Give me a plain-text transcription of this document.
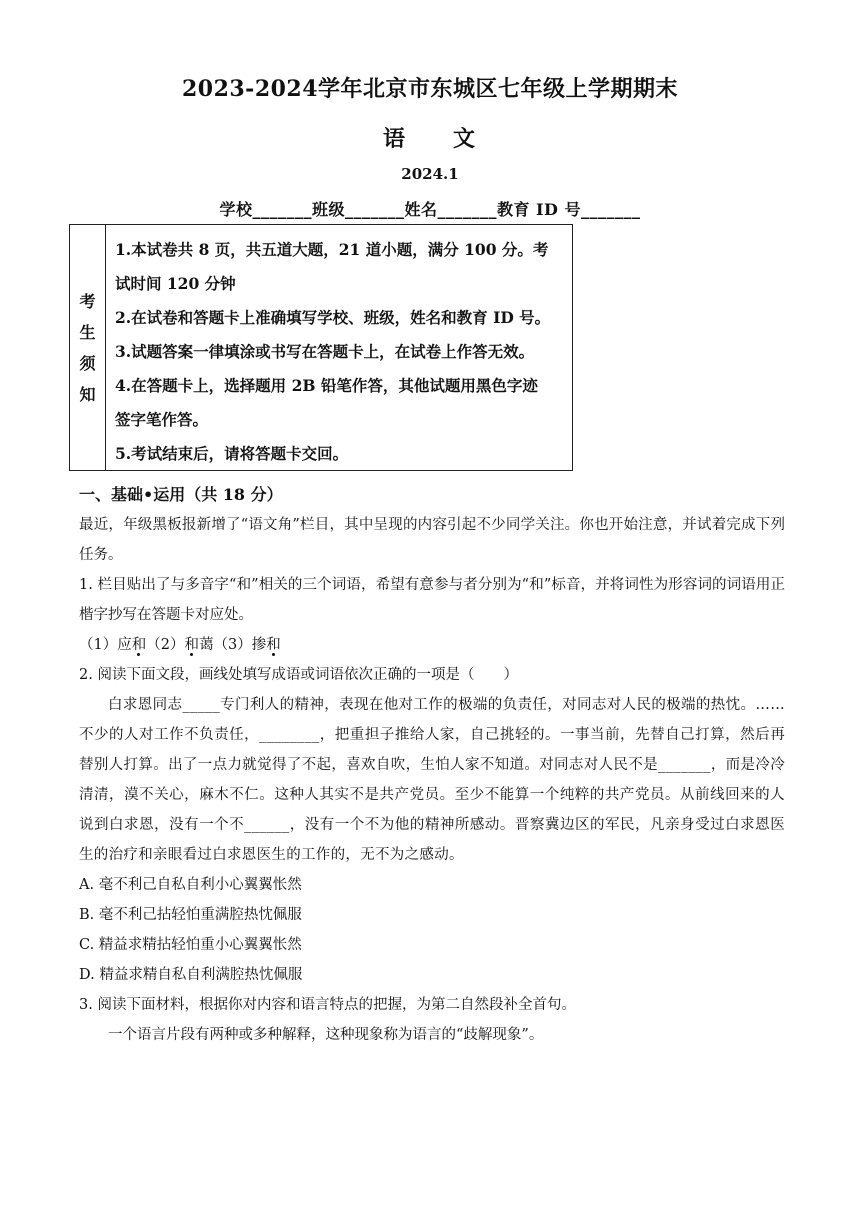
2023-2024学年北京市东城区七年级上学期期末
语 文
2024.1
学校_______班级_______姓名_______教育 ID 号_______
考
生
须
知
1.本试卷共 8 页，共五道大题，21 道小题，满分 100 分。考
试时间 120 分钟
2.在试卷和答题卡上准确填写学校、班级，姓名和教育 ID 号。
3.试题答案一律填涂或书写在答题卡上，在试卷上作答无效。
4.在答题卡上，选择题用 2B 铅笔作答，其他试题用黑色字迹
签字笔作答。
5.考试结束后，请将答题卡交回。
一、基础•运用（共 18 分）

最近，年级黑板报新增了“语文角”栏目，其中呈现的内容引起不少同学关注。你也开始注意，并试着完成下列任务。

1. 栏目贴出了与多音字“和”相关的三个词语，希望有意参与者分别为“和”标音，并将词性为形容词的词语用正楷字抄写在答题卡对应处。

（1）应和（2）和蔼（3）掺和

2. 阅读下面文段，画线处填写成语或词语依次正确的一项是（　　）

白求恩同志_____专门利人的精神，表现在他对工作的极端的负责任，对同志对人民的极端的热忱。……不少的人对工作不负责任，________，把重担子推给人家，自己挑轻的。一事当前，先替自己打算，然后再替别人打算。出了一点力就觉得了不起，喜欢自吹，生怕人家不知道。对同志对人民不是_______，而是冷冷清清，漠不关心，麻木不仁。这种人其实不是共产党员。至少不能算一个纯粹的共产党员。从前线回来的人说到白求恩，没有一个不______，没有一个不为他的精神所感动。晋察冀边区的军民，凡亲身受过白求恩医生的治疗和亲眼看过白求恩医生的工作的，无不为之感动。

A. 毫不利己自私自利小心翼翼怅然

B. 毫不利己拈轻怕重满腔热忱佩服

C. 精益求精拈轻怕重小心翼翼怅然

D. 精益求精自私自利满腔热忱佩服

3. 阅读下面材料，根据你对内容和语言特点的把握，为第二自然段补全首句。

一个语言片段有两种或多种解释，这种现象称为语言的“歧解现象”。
